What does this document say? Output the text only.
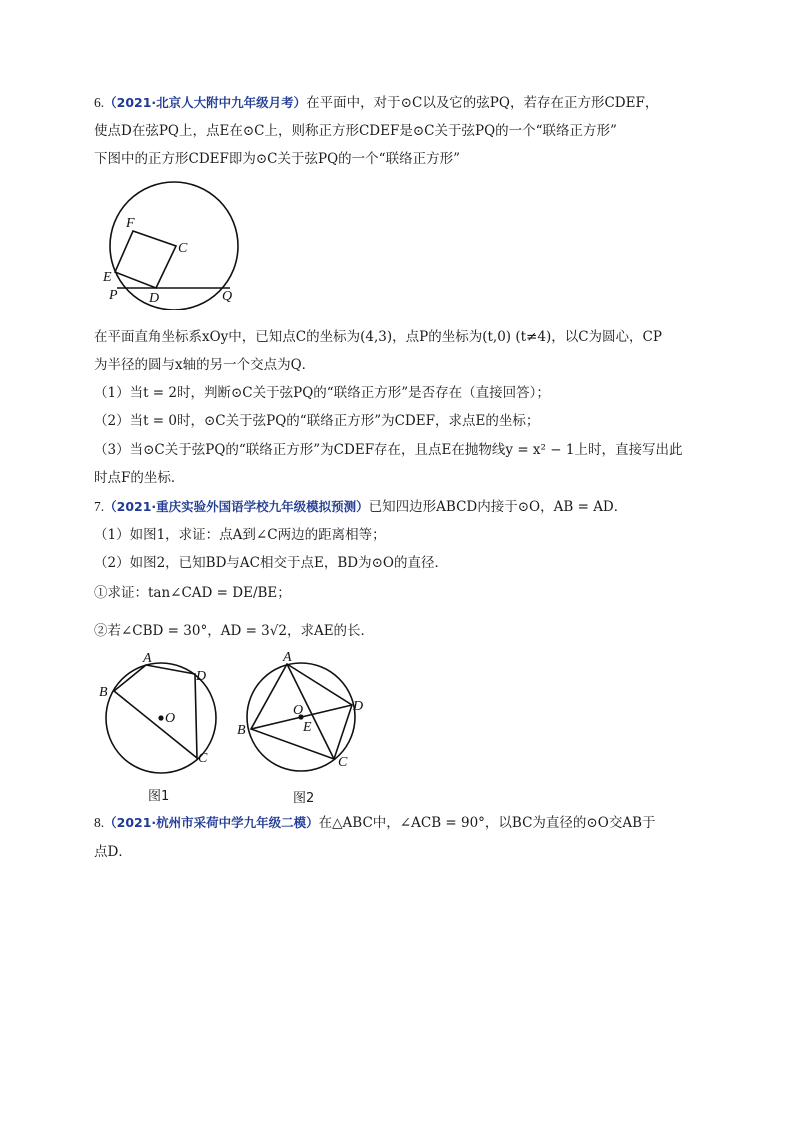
6.（2021·北京人大附中九年级月考）在平面中，对于⊙C以及它的弦PQ，若存在正方形CDEF，
使点D在弦PQ上，点E在⊙C上，则称正方形CDEF是⊙C关于弦PQ的一个“联络正方形”
下图中的正方形CDEF即为⊙C关于弦PQ的一个“联络正方形”
F
C
E
P D	Q
在平面直角坐标系xOy中，已知点C的坐标为(4,3)，点P的坐标为(t,0) (t≠4)，以C为圆心，CP
为半径的圆与x轴的另一个交点为Q．
（1）当t = 2时，判断⊙C关于弦PQ的“联络正方形”是否存在（直接回答）；
（2）当t = 0时，⊙C关于弦PQ的“联络正方形”为CDEF，求点E的坐标；
（3）当⊙C关于弦PQ的“联络正方形”为CDEF存在，且点E在抛物线y = x² − 1上时，直接写出此
时点F的坐标．
7.（2021·重庆实验外国语学校九年级模拟预测）已知四边形ABCD内接于⊙O，AB = AD．
（1）如图1，求证：点A到∠C两边的距离相等；
（2）如图2，已知BD与AC相交于点E，BD为⊙O的直径．
①求证：tan∠CAD = DE/BE；
②若∠CBD = 30°，AD = 3√2，求AE的长．
A
D
B
O
C
A
D
B
O
E
C
图1	图2
8.（2021·杭州市采荷中学九年级二模）在△ABC中，∠ACB = 90°，以BC为直径的⊙O交AB于
点D．
